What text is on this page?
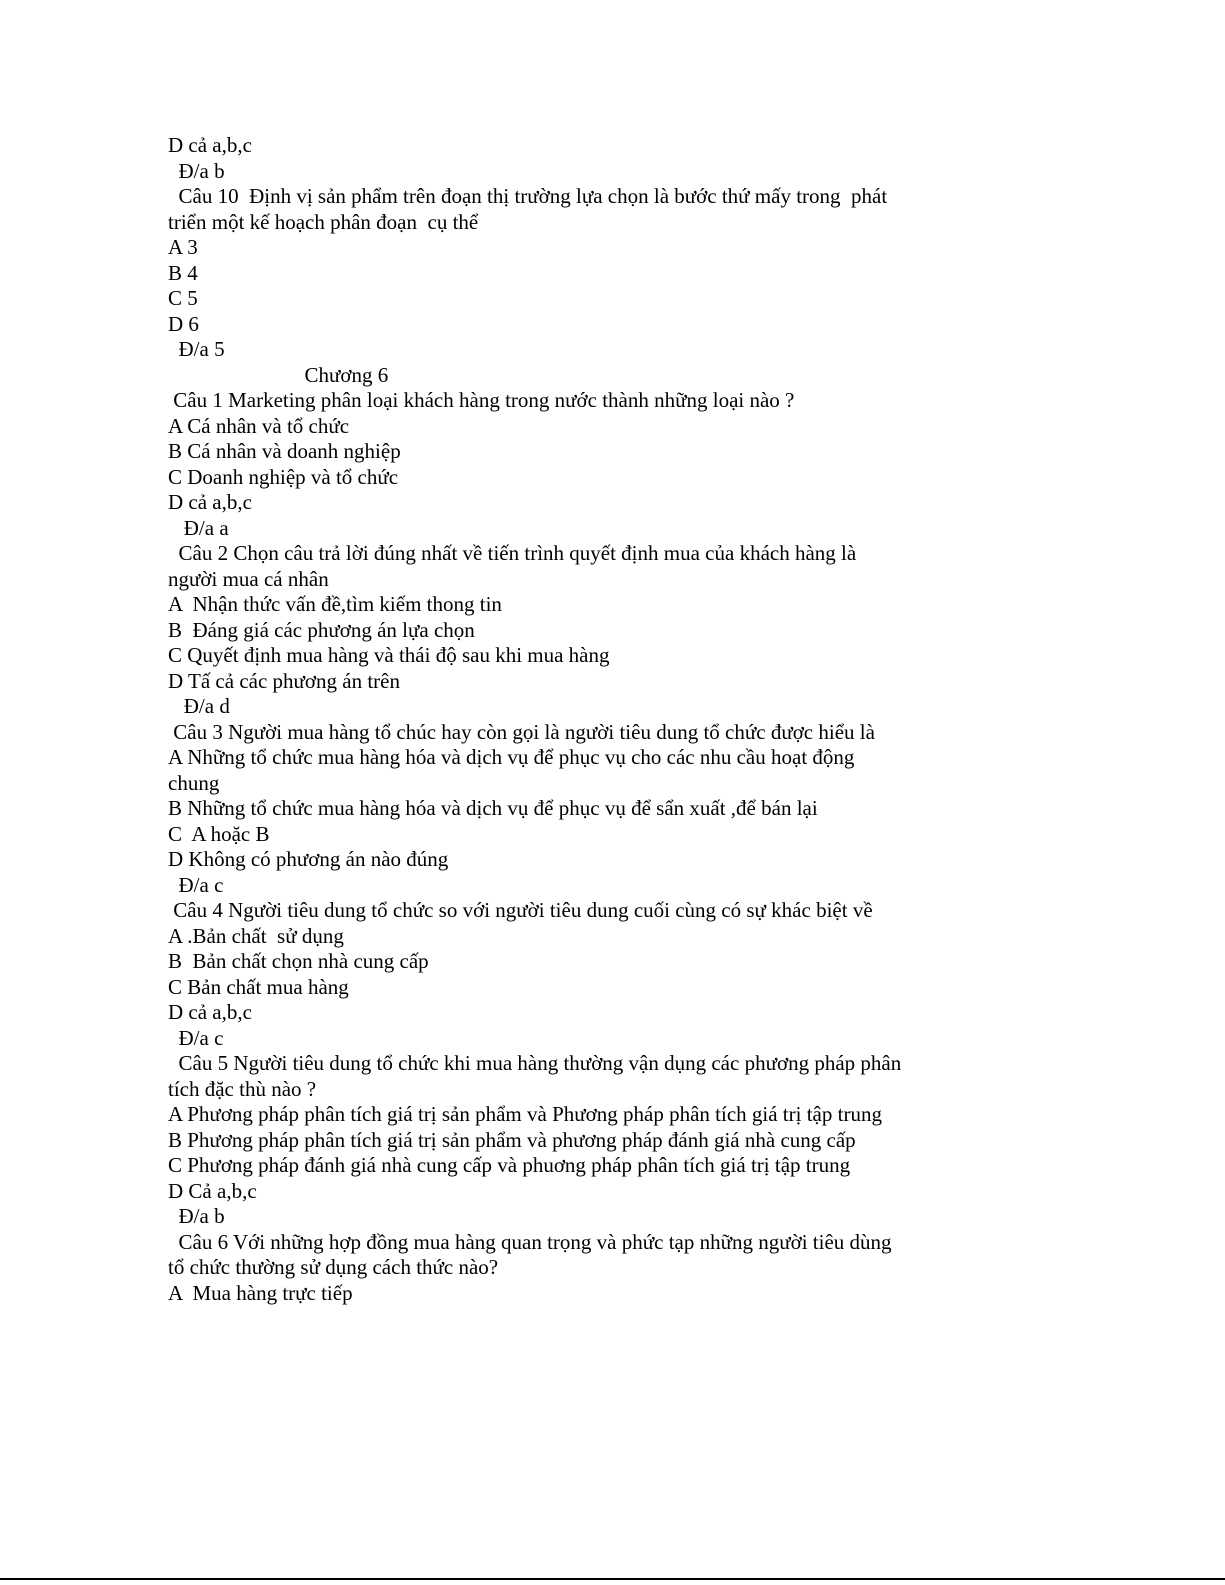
D cả a,b,c
Đ/a b
Câu 10  Định vị sản phẩm trên đoạn thị trường lựa chọn là bước thứ mấy trong  phát
triển một kế hoạch phân đoạn  cụ thể
A 3
B 4
C 5
D 6
Đ/a 5
Chương 6
Câu 1 Marketing phân loại khách hàng trong nước thành những loại nào ?
A Cá nhân và tổ chức
B Cá nhân và doanh nghiệp
C Doanh nghiệp và tổ chức
D cả a,b,c
Đ/a a
Câu 2 Chọn câu trả lời đúng nhất về tiến trình quyết định mua của khách hàng là
người mua cá nhân
A  Nhận thức vấn đề,tìm kiếm thong tin
B  Đáng giá các phương án lựa chọn
C Quyết định mua hàng và thái độ sau khi mua hàng
D Tấ cả các phương án trên
Đ/a d
Câu 3 Người mua hàng tổ chúc hay còn gọi là người tiêu dung tổ chức được hiểu là
A Những tổ chức mua hàng hóa và dịch vụ để phục vụ cho các nhu cầu hoạt động
chung
B Những tổ chức mua hàng hóa và dịch vụ để phục vụ để sẩn xuất ,để bán lại
C  A hoặc B
D Không có phương án nào đúng
Đ/a c
Câu 4 Người tiêu dung tổ chức so với người tiêu dung cuối cùng có sự khác biệt về
A .Bản chất  sử dụng
B  Bản chất chọn nhà cung cấp
C Bản chất mua hàng
D cả a,b,c
Đ/a c
Câu 5 Người tiêu dung tổ chức khi mua hàng thường vận dụng các phương pháp phân
tích đặc thù nào ?
A Phương pháp phân tích giá trị sản phẩm và Phương pháp phân tích giá trị tập trung
B Phương pháp phân tích giá trị sản phẩm và phương pháp đánh giá nhà cung cấp
C Phương pháp đánh giá nhà cung cấp và phuơng pháp phân tích giá trị tập trung
D Cả a,b,c
Đ/a b
Câu 6 Với những hợp đồng mua hàng quan trọng và phức tạp những người tiêu dùng
tổ chức thường sử dụng cách thức nào?
A  Mua hàng trực tiếp
